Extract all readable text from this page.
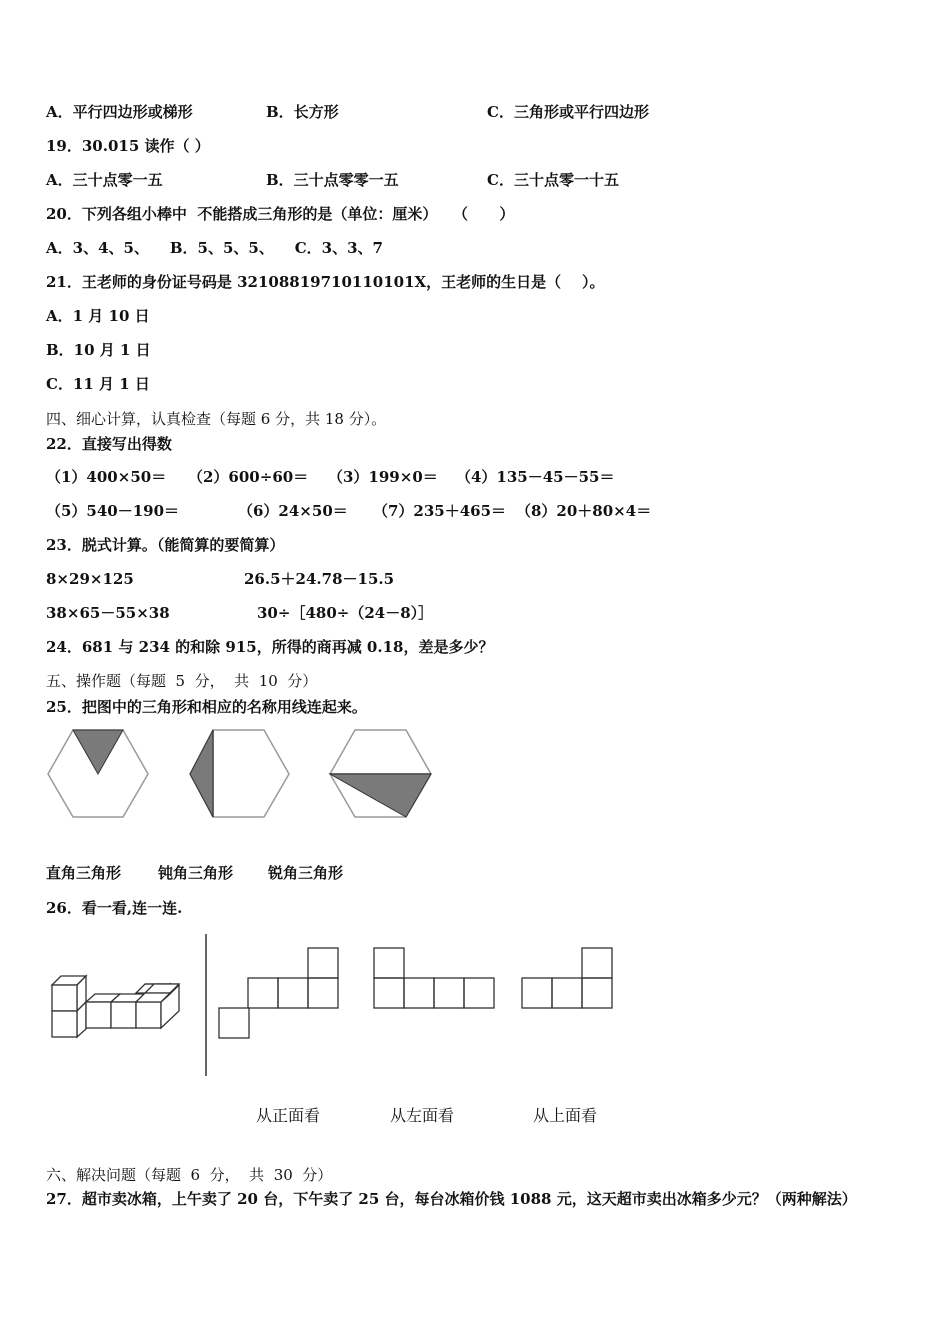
A．平行四边形或梯形	B．长方形	C．三角形或平行四边形
19．30.015 读作（ ）
A．三十点零一五	B．三十点零零一五	C．三十点零一十五
20．下列各组小棒中  不能搭成三角形的是（单位：厘米）   （      ）
A．3、4、5、    B．5、5、5、    C．3、3、7
21．王老师的身份证号码是 32108819710110101X，王老师的生日是（    ）。
A．1 月 10 日
B．10 月 1 日
C．11 月 1 日
四、细心计算，认真检查（每题 6 分，共 18 分）。
22．直接写出得数
（1）400×50＝ （2）600÷60＝ （3）199×0＝ （4）135－45－55＝
（5）540－190＝	（6）24×50＝ （7）235＋465＝ （8）20＋80×4＝
23．脱式计算。（能简算的要简算）
8×29×125	26.5＋24.78－15.5
38×65－55×38	30÷［480÷（24－8）］
24．681 与 234 的和除 915，所得的商再减 0.18，差是多少？
五、操作题（每题  5  分，  共  10  分）
25．把图中的三角形和相应的名称用线连起来。
直角三角形 钝角三角形 锐角三角形
26．看一看,连一连.
从正面看	从左面看	从上面看
六、解决问题（每题  6  分，  共  30  分）
27．超市卖冰箱，上午卖了 20 台，下午卖了 25 台，每台冰箱价钱 1088 元，这天超市卖出冰箱多少元？（两种解法）
